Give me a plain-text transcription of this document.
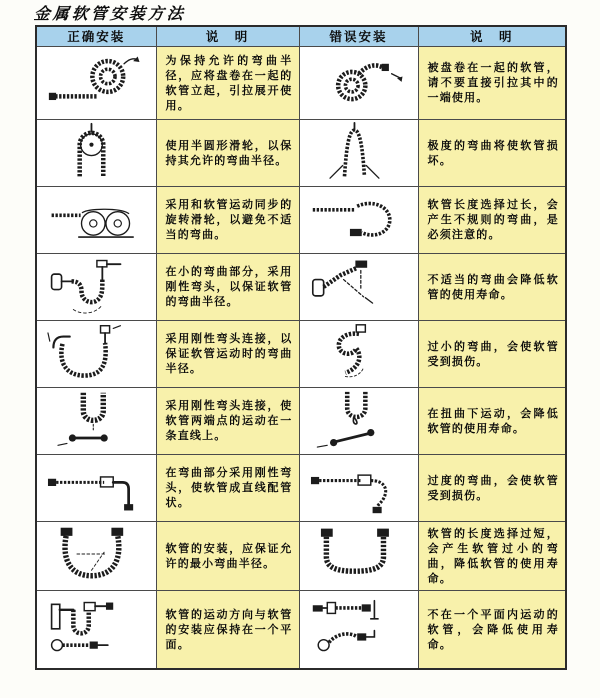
金属软管安装方法
正确安装	说　明	错误安装	说　明
	为保持允许的弯曲半径，应将盘卷在一起的软管立起，引拉展开使用。		被盘卷在一起的软管，请不要直接引拉其中的一端使用。
	使用半圆形滑轮，以保持其允许的弯曲半径。		极度的弯曲将使软管损坏。
	采用和软管运动同步的旋转滑轮，以避免不适当的弯曲。		软管长度选择过长，会产生不规则的弯曲，是必须注意的。
	在小的弯曲部分，采用刚性弯头，以保证软管的弯曲半径。		不适当的弯曲会降低软管的使用寿命。
	采用刚性弯头连接，以保证软管运动时的弯曲半径。		过小的弯曲，会使软管受到损伤。
	采用刚性弯头连接，使软管两端点的运动在一条直线上。		在扭曲下运动，会降低软管的使用寿命。
	在弯曲部分采用刚性弯头，使软管成直线配管状。		过度的弯曲，会使软管受到损伤。
	软管的安装，应保证允许的最小弯曲半径。		软管的长度选择过短，会产生软管过小的弯曲，降低软管的使用寿命。
	软管的运动方向与软管的安装应保持在一个平面。		不在一个平面内运动的软管，会降低使用寿命。
